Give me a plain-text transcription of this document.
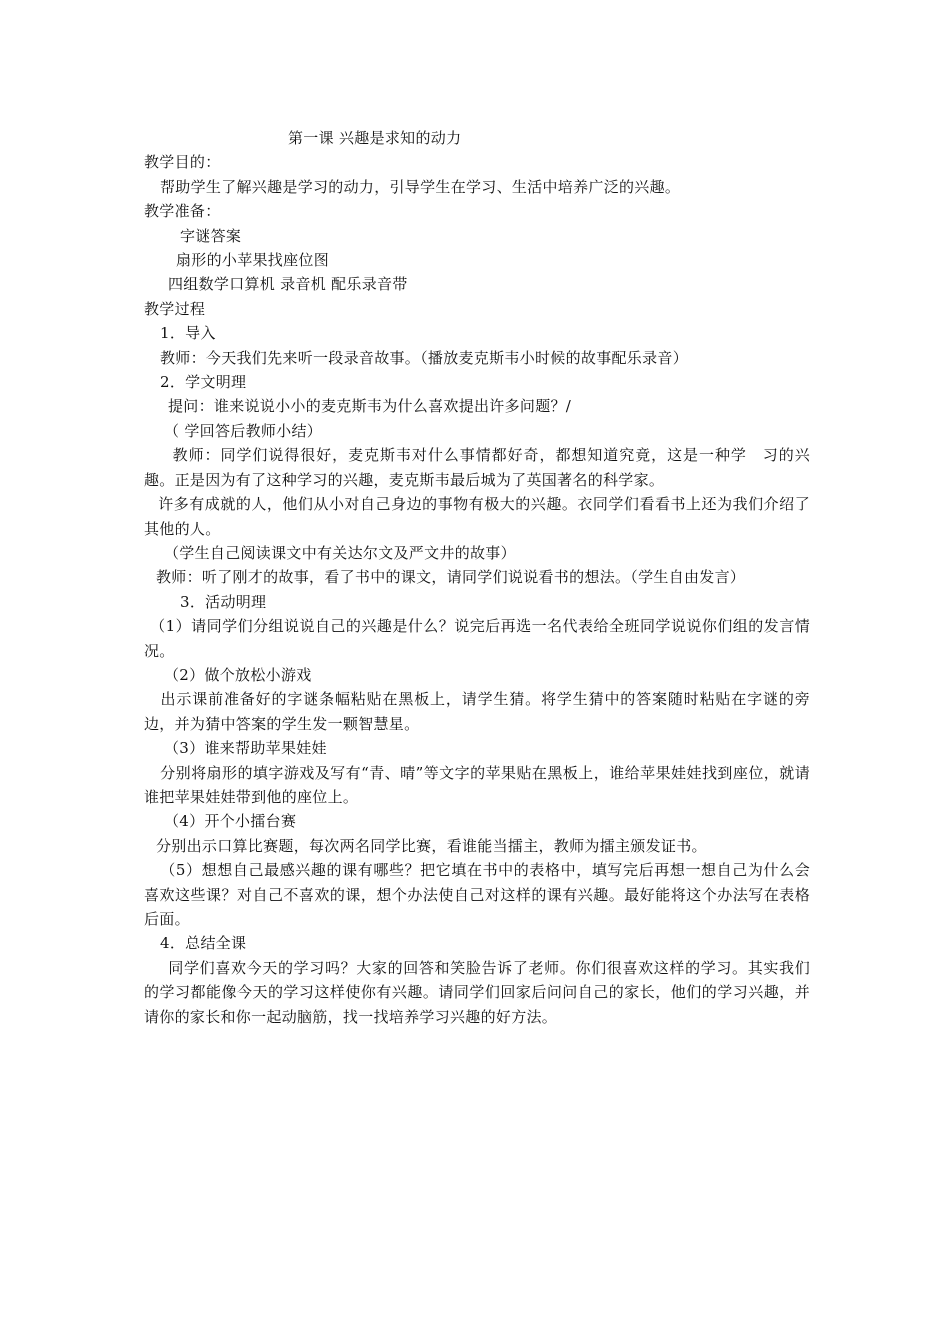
第一课 兴趣是求知的动力
教学目的：
帮助学生了解兴趣是学习的动力，引导学生在学习、生活中培养广泛的兴趣。
教学准备：
字谜答案
扇形的小苹果找座位图
四组数学口算机 录音机 配乐录音带
教学过程
1．导入
教师：今天我们先来听一段录音故事。（播放麦克斯韦小时候的故事配乐录音）
2．学文明理
提问：谁来说说小小的麦克斯韦为什么喜欢提出许多问题？/
（ 学回答后教师小结）
教师：同学们说得很好，麦克斯韦对什么事情都好奇，都想知道究竟，这是一种学　习的兴趣。正是因为有了这种学习的兴趣，麦克斯韦最后城为了英国著名的科学家。
许多有成就的人，他们从小对自己身边的事物有极大的兴趣。衣同学们看看书上还为我们介绍了其他的人。
（学生自己阅读课文中有关达尔文及严文井的故事）
教师：听了刚才的故事，看了书中的课文，请同学们说说看书的想法。（学生自由发言）
3．活动明理
（1）请同学们分组说说自己的兴趣是什么？说完后再选一名代表给全班同学说说你们组的发言情况。
（2）做个放松小游戏
出示课前准备好的字谜条幅粘贴在黑板上，请学生猜。将学生猜中的答案随时粘贴在字谜的旁边，并为猜中答案的学生发一颗智慧星。
（3）谁来帮助苹果娃娃
分别将扇形的填字游戏及写有“青、晴”等文字的苹果贴在黑板上，谁给苹果娃娃找到座位，就请谁把苹果娃娃带到他的座位上。
（4）开个小擂台赛
分别出示口算比赛题，每次两名同学比赛，看谁能当擂主，教师为擂主颁发证书。
（5）想想自己最感兴趣的课有哪些？把它填在书中的表格中，填写完后再想一想自己为什么会喜欢这些课？对自己不喜欢的课，想个办法使自己对这样的课有兴趣。最好能将这个办法写在表格后面。
4．总结全课
同学们喜欢今天的学习吗？大家的回答和笑脸告诉了老师。你们很喜欢这样的学习。其实我们的学习都能像今天的学习这样使你有兴趣。请同学们回家后问问自己的家长，他们的学习兴趣，并请你的家长和你一起动脑筋，找一找培养学习兴趣的好方法。
